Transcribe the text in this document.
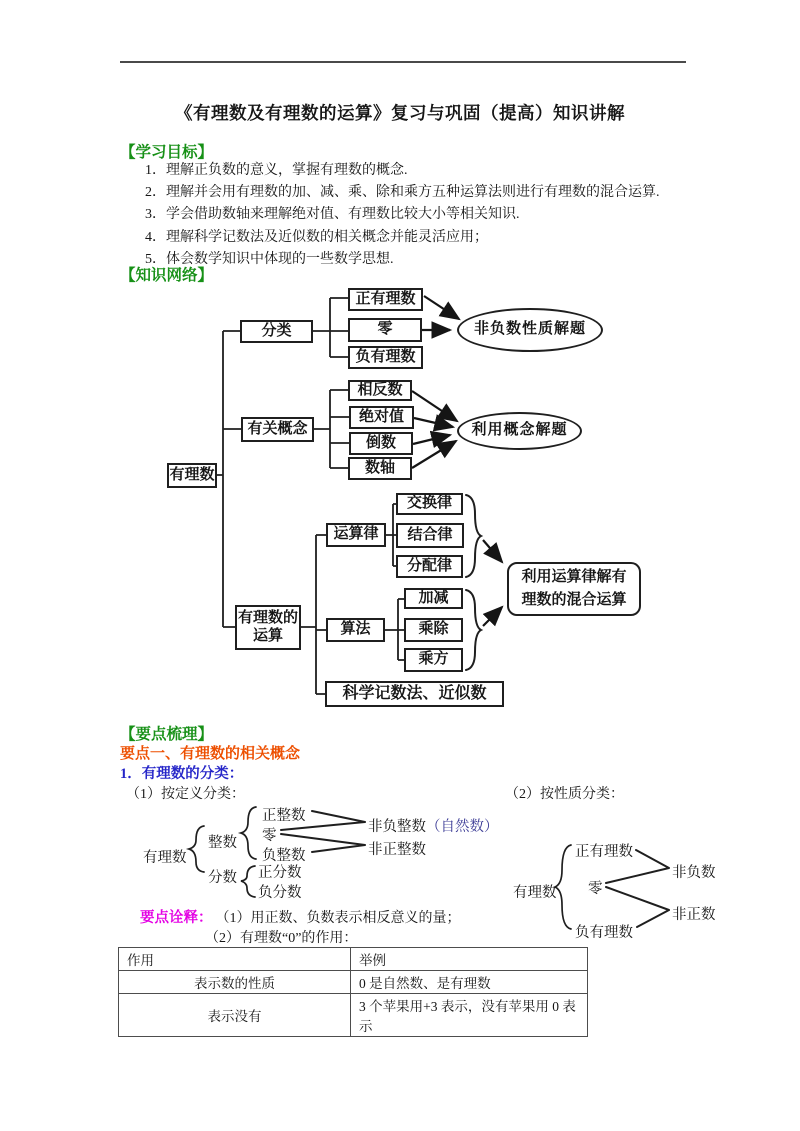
《有理数及有理数的运算》复习与巩固（提高）知识讲解
【学习目标】
1．理解正负数的意义，掌握有理数的概念.
2．理解并会用有理数的加、减、乘、除和乘方五种运算法则进行有理数的混合运算.
3．学会借助数轴来理解绝对值、有理数比较大小等相关知识.
4．理解科学记数法及近似数的相关概念并能灵活应用；
5．体会数学知识中体现的一些数学思想.
【知识网络】
有理数
分类
正有理数
零
负有理数
非负数性质解题
有关概念
相反数
绝对值
倒数
数轴
利用概念解题
有理数的运算
运算律
交换律
结合律
分配律
算法
加减
乘除
乘方
利用运算律解有理数的混合运算
科学记数法、近似数
【要点梳理】
要点一、有理数的相关概念
1．有理数的分类：
（1）按定义分类：	（2）按性质分类：
有理数
整数
正整数
零
负整数
分数 正分数
负分数
非负整数（自然数）
非正整数
有理数
正有理数
零
负有理数
非负数
非正数
要点诠释： （1）用正数、负数表示相反意义的量；
（2）有理数“0”的作用：
作用	举例
表示数的性质	0 是自然数、是有理数
表示没有	3 个苹果用+3 表示，没有苹果用 0 表示
